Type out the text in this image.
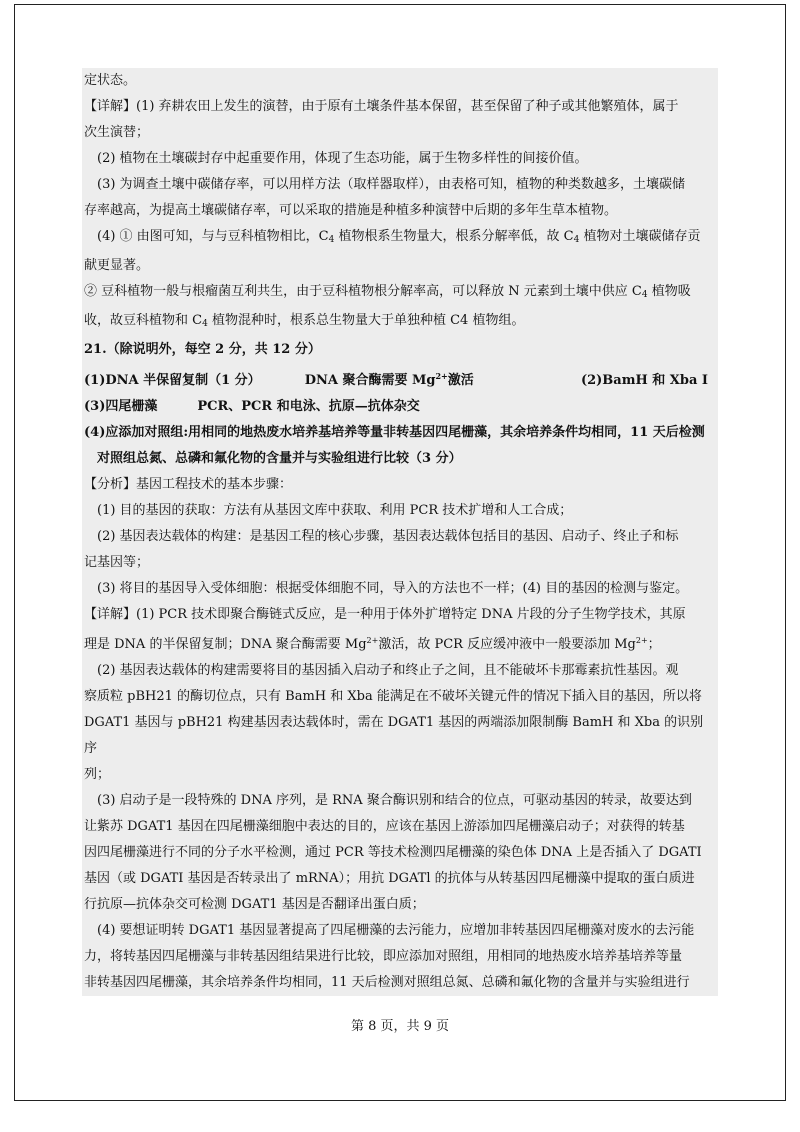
定状态。

【详解】(1) 弃耕农田上发生的演替，由于原有土壤条件基本保留，甚至保留了种子或其他繁殖体，属于

次生演替；

(2) 植物在土壤碳封存中起重要作用，体现了生态功能，属于生物多样性的间接价值。

(3) 为调查土壤中碳储存率，可以用样方法（取样器取样），由表格可知，植物的种类数越多，土壤碳储

存率越高，为提高土壤碳储存率，可以采取的措施是种植多种演替中后期的多年生草本植物。

(4) ① 由图可知，与与豆科植物相比，$C_4$ 植物根系生物量大，根系分解率低，故 $C_4$ 植物对土壤碳储存贡

献更显著。

② 豆科植物一般与根瘤菌互利共生，由于豆科植物根分解率高，可以释放 N 元素到土壤中供应 $C_4$ 植物吸

收，故豆科植物和 $C_4$ 植物混种时，根系总生物量大于单独种植 C4 植物组。

21.（除说明外，每空 2 分，共 12 分）

(1)DNA 半保留复制（1 分）	DNA 聚合酶需要 $Mg^{2+}$激活	(2)BamH 和 Xba Ⅰ
(3)四尾栅藻	PCR、PCR 和电泳、抗原—抗体杂交

(4)应添加对照组:用相同的地热废水培养基培养等量非转基因四尾栅藻，其余培养条件均相同，11 天后检测对照组总氮、总磷和氟化物的含量并与实验组进行比较（3 分）

【分析】基因工程技术的基本步骤：

(1) 目的基因的获取：方法有从基因文库中获取、利用 PCR 技术扩增和人工合成；

(2) 基因表达载体的构建：是基因工程的核心步骤，基因表达载体包括目的基因、启动子、终止子和标

记基因等；

(3) 将目的基因导入受体细胞：根据受体细胞不同，导入的方法也不一样；(4) 目的基因的检测与鉴定。

【详解】(1) PCR 技术即聚合酶链式反应，是一种用于体外扩增特定 DNA 片段的分子生物学技术，其原

理是 DNA 的半保留复制；DNA 聚合酶需要 $Mg^{2+}$激活，故 PCR 反应缓冲液中一般要添加 $Mg^{2+}$；

(2) 基因表达载体的构建需要将目的基因插入启动子和终止子之间，且不能破坏卡那霉素抗性基因。观

察质粒 pBH21 的酶切位点，只有 BamH 和 Xba 能满足在不破坏关键元件的情况下插入目的基因，所以将

DGAT1 基因与 pBH21 构建基因表达载体时，需在 DGAT1 基因的两端添加限制酶 BamH 和 Xba 的识别序

列；

(3) 启动子是一段特殊的 DNA 序列，是 RNA 聚合酶识别和结合的位点，可驱动基因的转录，故要达到

让紫苏 DGAT1 基因在四尾栅藻细胞中表达的目的，应该在基因上游添加四尾栅藻启动子；对获得的转基

因四尾栅藻进行不同的分子水平检测，通过 PCR 等技术检测四尾栅藻的染色体 DNA 上是否插入了 DGATI

基因（或 DGATI 基因是否转录出了 mRNA）；用抗 DGATl 的抗体与从转基因四尾栅藻中提取的蛋白质进

行抗原—抗体杂交可检测 DGAT1 基因是否翻译出蛋白质；

(4) 要想证明转 DGAT1 基因显著提高了四尾栅藻的去污能力，应增加非转基因四尾栅藻对废水的去污能

力，将转基因四尾栅藻与非转基因组结果进行比较，即应添加对照组，用相同的地热废水培养基培养等量

非转基因四尾栅藻，其余培养条件均相同，11 天后检测对照组总氮、总磷和氟化物的含量并与实验组进行

第 8 页，共 9 页
